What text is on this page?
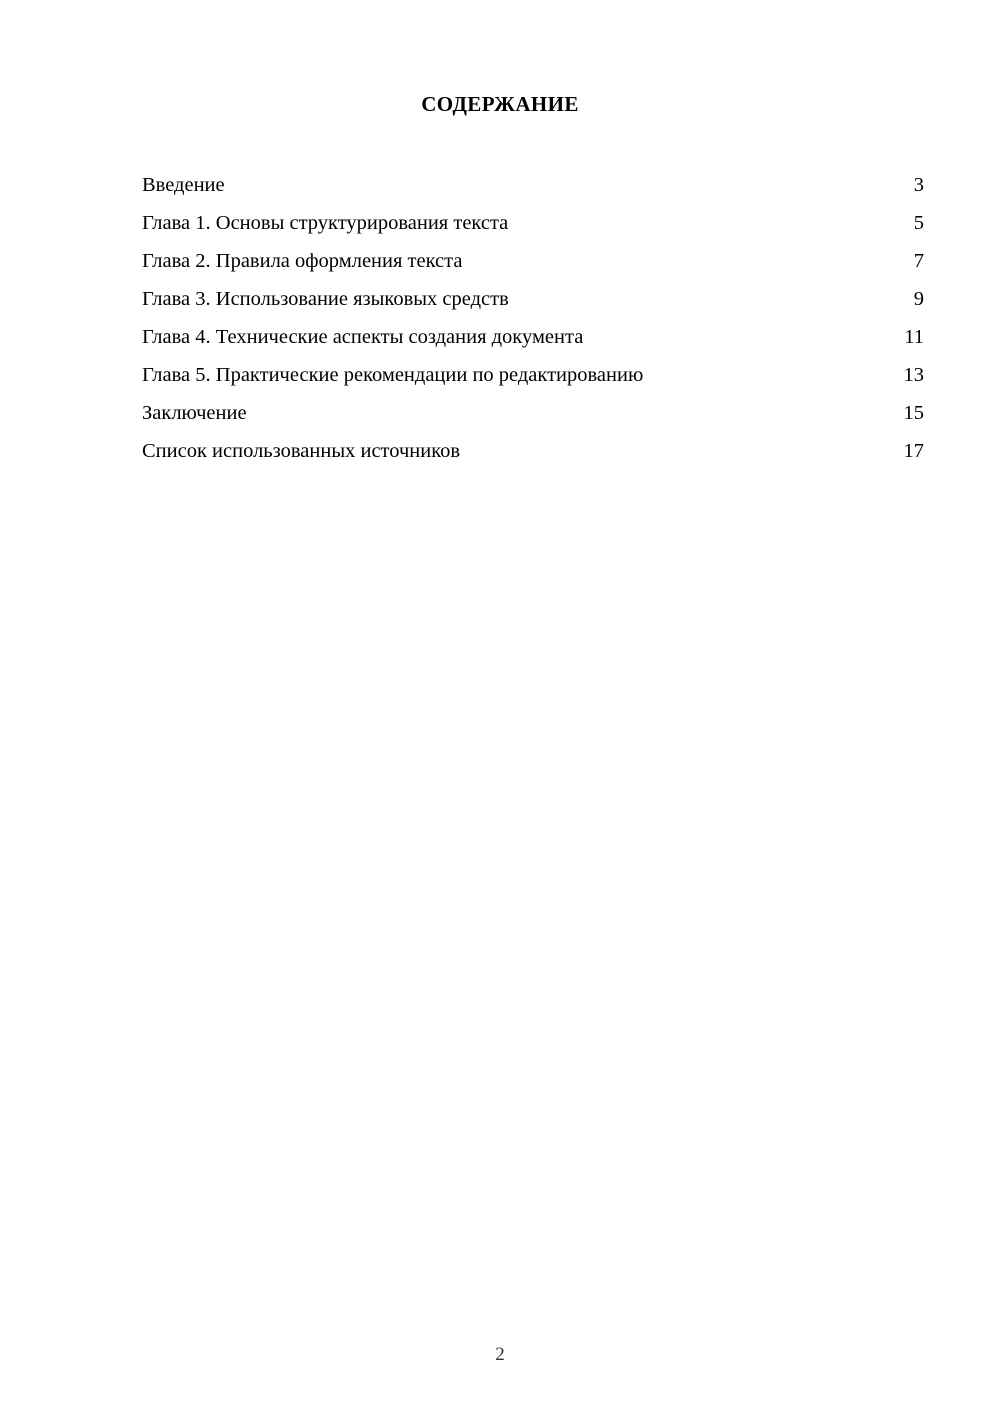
СОДЕРЖАНИЕ
Введение	3
Глава 1. Основы структурирования текста	5
Глава 2. Правила оформления текста	7
Глава 3. Использование языковых средств	9
Глава 4. Технические аспекты создания документа	11
Глава 5. Практические рекомендации по редактированию	13
Заключение	15
Список использованных источников	17
2
